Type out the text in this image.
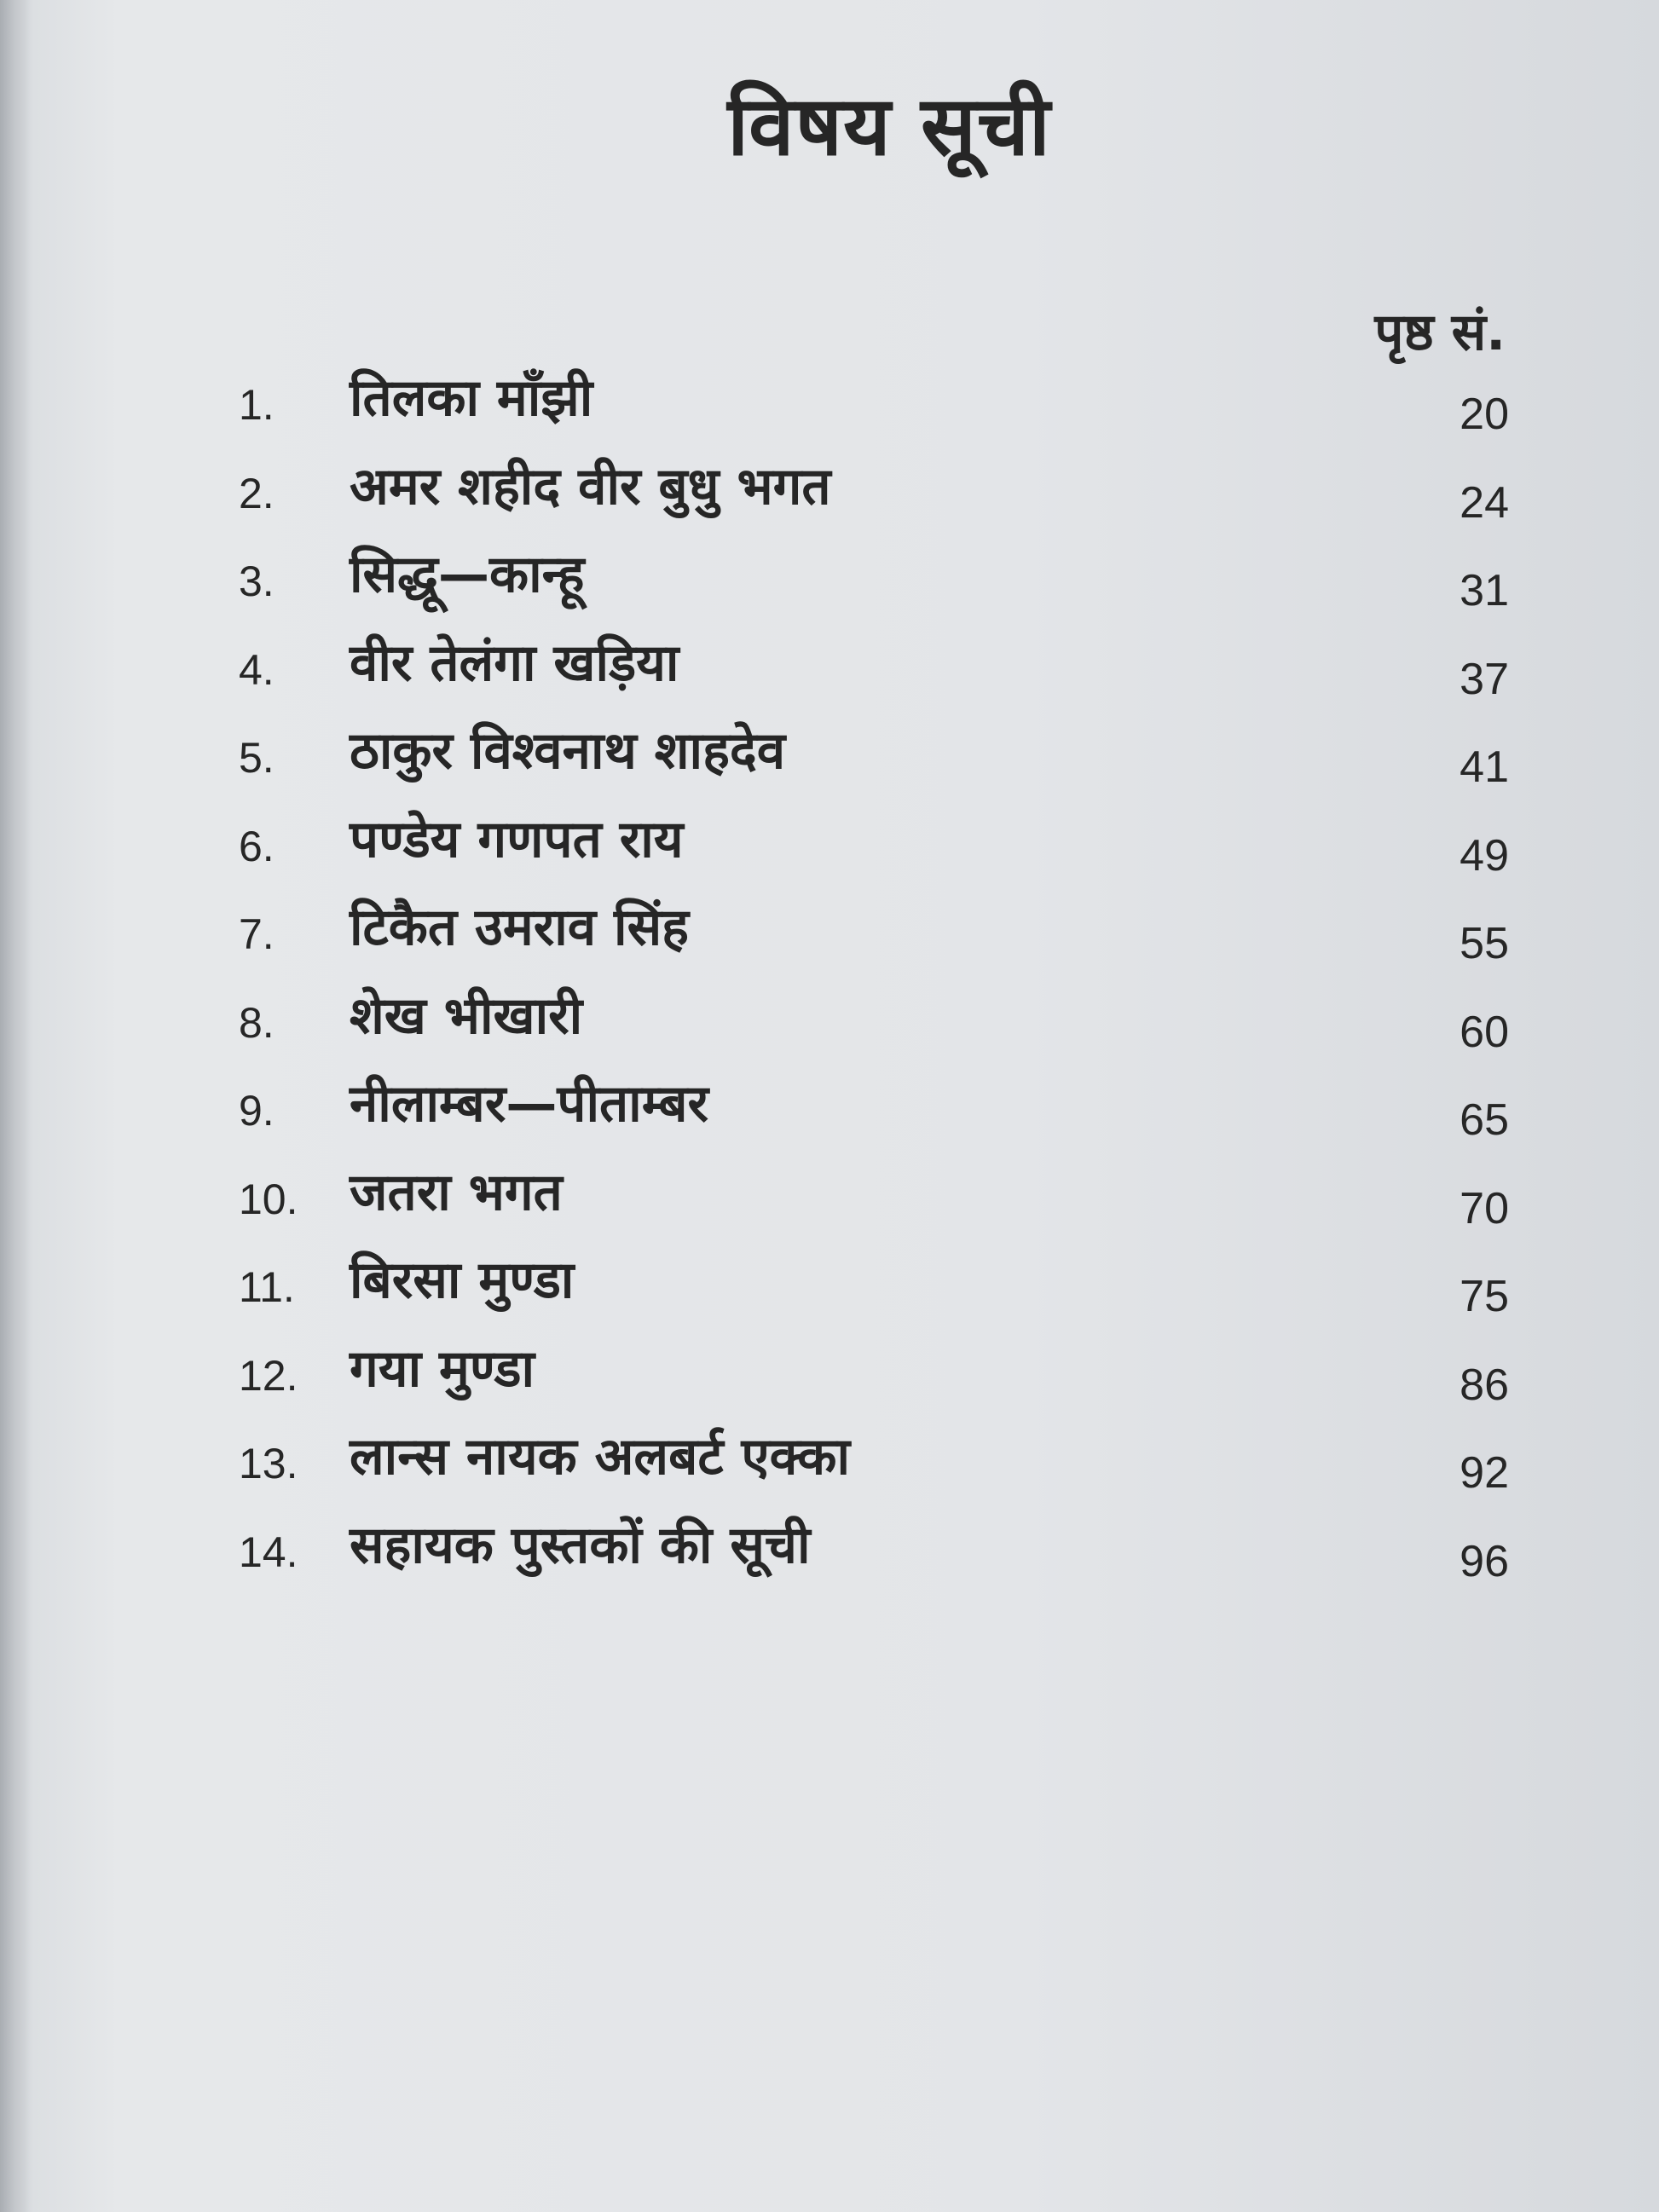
विषय सूची
पृष्ठ सं.
1. तिलका माँझी	20
2. अमर शहीद वीर बुधु भगत	24
3. सिद्धू—कान्हू	31
4. वीर तेलंगा खड़िया	37
5. ठाकुर विश्वनाथ शाहदेव	41
6. पण्डेय गणपत राय	49
7. टिकैत उमराव सिंह	55
8. शेख भीखारी	60
9. नीलाम्बर—पीताम्बर	65
10. जतरा भगत	70
11. बिरसा मुण्डा	75
12. गया मुण्डा	86
13. लान्स नायक अलबर्ट एक्का	92
14. सहायक पुस्तकों की सूची	96
